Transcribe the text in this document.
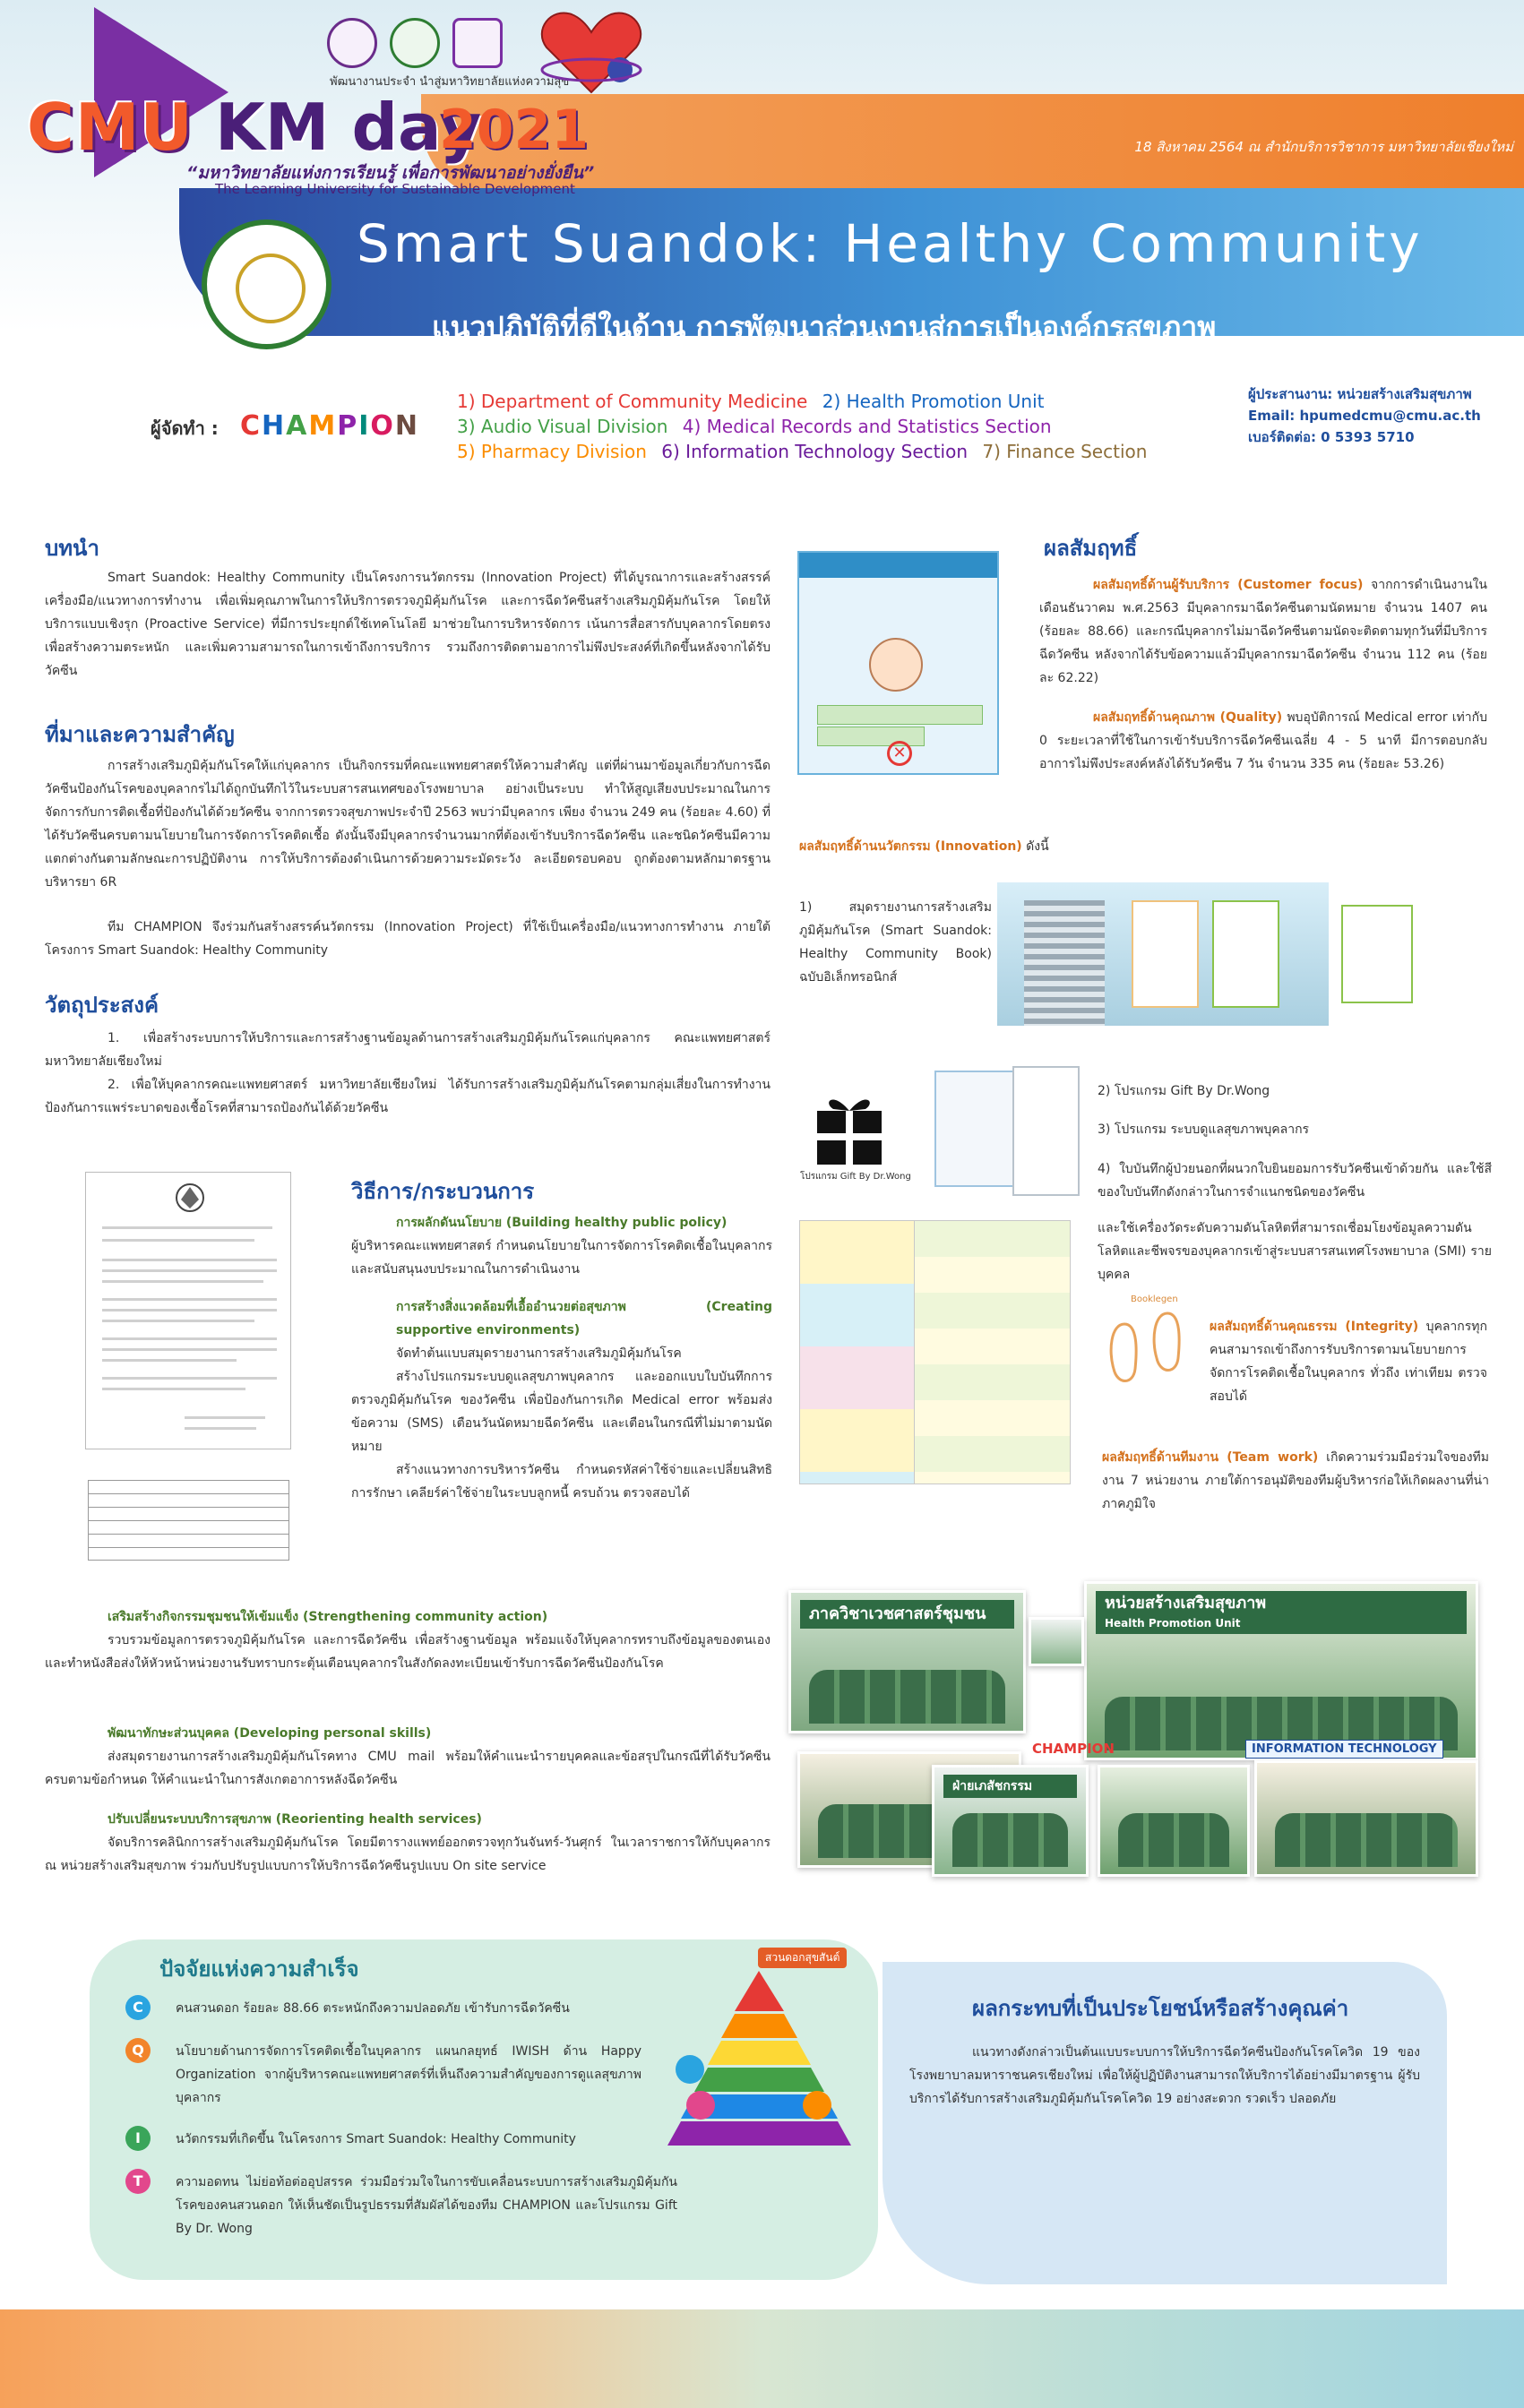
พัฒนางานประจำ นำสู่มหาวิทยาลัยแห่งความสุข
CMU KM day
2021
“มหาวิทยาลัยแห่งการเรียนรู้ เพื่อการพัฒนาอย่างยั่งยืน”
The Learning University for Sustainable Development
18 สิงหาคม 2564 ณ สำนักบริการวิชาการ มหาวิทยาลัยเชียงใหม่
Smart Suandok: Healthy Community
แนวปฏิบัติที่ดีในด้าน การพัฒนาส่วนงานสู่การเป็นองค์กรสุขภาพ
ผู้จัดทำ : CHAMPION
1) Department of Community Medicine 2) Health Promotion Unit
3) Audio Visual Division 4) Medical Records and Statistics Section
5) Pharmacy Division 6) Information Technology Section 7) Finance Section
ผู้ประสานงาน: หน่วยสร้างเสริมสุขภาพ
Email: hpumedcmu@cmu.ac.th
เบอร์ติดต่อ: 0 5393 5710
บทนำ
Smart Suandok: Healthy Community เป็นโครงการนวัตกรรม (Innovation Project) ที่ได้บูรณาการและสร้างสรรค์เครื่องมือ/แนวทางการทำงาน เพื่อเพิ่มคุณภาพในการให้บริการตรวจภูมิคุ้มกันโรค และการฉีดวัคซีนสร้างเสริมภูมิคุ้มกันโรค โดยให้บริการแบบเชิงรุก (Proactive Service) ที่มีการประยุกต์ใช้เทคโนโลยี มาช่วยในการบริหารจัดการ เน้นการสื่อสารกับบุคลากรโดยตรง เพื่อสร้างความตระหนัก และเพิ่มความสามารถในการเข้าถึงการบริการ รวมถึงการติดตามอาการไม่พึงประสงค์ที่เกิดขึ้นหลังจากได้รับวัคซีน
ที่มาและความสำคัญ
การสร้างเสริมภูมิคุ้มกันโรคให้แก่บุคลากร เป็นกิจกรรมที่คณะแพทยศาสตร์ให้ความสำคัญ แต่ที่ผ่านมาข้อมูลเกี่ยวกับการฉีดวัคซีนป้องกันโรคของบุคลากรไม่ได้ถูกบันทึกไว้ในระบบสารสนเทศของโรงพยาบาล อย่างเป็นระบบ ทำให้สูญเสียงบประมาณในการจัดการกับการติดเชื้อที่ป้องกันได้ด้วยวัคซีน จากการตรวจสุขภาพประจำปี 2563 พบว่ามีบุคลากร เพียง จำนวน 249 คน (ร้อยละ 4.60) ที่ได้รับวัคซีนครบตามนโยบายในการจัดการโรคติดเชื้อ ดังนั้นจึงมีบุคลากรจำนวนมากที่ต้องเข้ารับบริการฉีดวัคซีน และชนิดวัคซีนมีความแตกต่างกันตามลักษณะการปฏิบัติงาน การให้บริการต้องดำเนินการด้วยความระมัดระวัง ละเอียดรอบคอบ ถูกต้องตามหลักมาตรฐานบริหารยา 6R
ทีม CHAMPION จึงร่วมกันสร้างสรรค์นวัตกรรม (Innovation Project) ที่ใช้เป็นเครื่องมือ/แนวทางการทำงาน ภายใต้โครงการ Smart Suandok: Healthy Community
วัตถุประสงค์
1. เพื่อสร้างระบบการให้บริการและการสร้างฐานข้อมูลด้านการสร้างเสริมภูมิคุ้มกันโรคแก่บุคลากร คณะแพทยศาสตร์ มหาวิทยาลัยเชียงใหม่
2. เพื่อให้บุคลากรคณะแพทยศาสตร์ มหาวิทยาลัยเชียงใหม่ ได้รับการสร้างเสริมภูมิคุ้มกันโรคตามกลุ่มเสี่ยงในการทำงานป้องกันการแพร่ระบาดของเชื้อโรคที่สามารถป้องกันได้ด้วยวัคซีน
วิธีการ/กระบวนการ
การผลักดันนโยบาย (Building healthy public policy)
ผู้บริหารคณะแพทยศาสตร์ กำหนดนโยบายในการจัดการโรคติดเชื้อในบุคลากรและสนับสนุนงบประมาณในการดำเนินงาน
การสร้างสิ่งแวดล้อมที่เอื้ออำนวยต่อสุขภาพ (Creating supportive environments)
จัดทำต้นแบบสมุดรายงานการสร้างเสริมภูมิคุ้มกันโรค
สร้างโปรแกรมระบบดูแลสุขภาพบุคลากร และออกแบบใบบันทึกการตรวจภูมิคุ้มกันโรค ของวัคซีน เพื่อป้องกันการเกิด Medical error พร้อมส่งข้อความ (SMS) เตือนวันนัดหมายฉีดวัคซีน และเตือนในกรณีที่ไม่มาตามนัดหมาย
สร้างแนวทางการบริหารวัคซีน กำหนดรหัสค่าใช้จ่ายและเปลี่ยนสิทธิการรักษา เคลียร์ค่าใช้จ่ายในระบบลูกหนี้ ครบถ้วน ตรวจสอบได้
เสริมสร้างกิจกรรมชุมชนให้เข้มแข็ง (Strengthening community action)
รวบรวมข้อมูลการตรวจภูมิคุ้มกันโรค และการฉีดวัคซีน เพื่อสร้างฐานข้อมูล พร้อมแจ้งให้บุคลากรทราบถึงข้อมูลของตนเอง และทำหนังสือส่งให้หัวหน้าหน่วยงานรับทราบกระตุ้นเตือนบุคลากรในสังกัดลงทะเบียนเข้ารับการฉีดวัคซีนป้องกันโรค
พัฒนาทักษะส่วนบุคคล (Developing personal skills)
ส่งสมุดรายงานการสร้างเสริมภูมิคุ้มกันโรคทาง CMU mail พร้อมให้คำแนะนำรายบุคคลและข้อสรุปในกรณีที่ได้รับวัคซีนครบตามข้อกำหนด ให้คำแนะนำในการสังเกตอาการหลังฉีดวัคซีน
ปรับเปลี่ยนระบบบริการสุขภาพ (Reorienting health services)
จัดบริการคลินิกการสร้างเสริมภูมิคุ้มกันโรค โดยมีตารางแพทย์ออกตรวจทุกวันจันทร์-วันศุกร์ ในเวลาราชการให้กับบุคลากร ณ หน่วยสร้างเสริมสุขภาพ ร่วมกับปรับรูปแบบการให้บริการฉีดวัคซีนรูปแบบ On site service
✕
ผลสัมฤทธิ์
ผลสัมฤทธิ์ด้านผู้รับบริการ (Customer focus) จากการดำเนินงานในเดือนธันวาคม พ.ศ.2563 มีบุคลากรมาฉีดวัคซีนตามนัดหมาย จำนวน 1407 คน (ร้อยละ 88.66) และกรณีบุคลากรไม่มาฉีดวัคซีนตามนัดจะติดตามทุกวันที่มีบริการฉีดวัคซีน หลังจากได้รับข้อความแล้วมีบุคลากรมาฉีดวัคซีน จำนวน 112 คน (ร้อยละ 62.22)
ผลสัมฤทธิ์ด้านคุณภาพ (Quality) พบอุบัติการณ์ Medical error เท่ากับ 0 ระยะเวลาที่ใช้ในการเข้ารับบริการฉีดวัคซีนเฉลี่ย 4 - 5 นาที มีการตอบกลับอาการไม่พึงประสงค์หลังได้รับวัคซีน 7 วัน จำนวน 335 คน (ร้อยละ 53.26)
ผลสัมฤทธิ์ด้านนวัตกรรม (Innovation) ดังนี้
1) สมุดรายงานการสร้างเสริมภูมิคุ้มกันโรค (Smart Suandok: Healthy Community Book) ฉบับอิเล็กทรอนิกส์
โปรแกรม Gift By Dr.Wong
2) โปรแกรม Gift By Dr.Wong
3) โปรแกรม ระบบดูแลสุขภาพบุคลากร
4) ใบบันทึกผู้ป่วยนอกที่ผนวกใบยินยอมการรับวัคซีนเข้าด้วยกัน และใช้สีของใบบันทึกดังกล่าวในการจำแนกชนิดของวัคซีน
และใช้เครื่องวัดระดับความดันโลหิตที่สามารถเชื่อมโยงข้อมูลความดันโลหิตและชีพจรของบุคลากรเข้าสู่ระบบสารสนเทศโรงพยาบาล (SMI) รายบุคคล
Booklegen
ผลสัมฤทธิ์ด้านคุณธรรม (Integrity) บุคลากรทุกคนสามารถเข้าถึงการรับบริการตามนโยบายการจัดการโรคติดเชื้อในบุคลากร ทั่วถึง เท่าเทียม ตรวจสอบได้
ผลสัมฤทธิ์ด้านทีมงาน (Team work) เกิดความร่วมมือร่วมใจของทีมงาน 7 หน่วยงาน ภายใต้การอนุมัติของทีมผู้บริหารก่อให้เกิดผลงานที่น่าภาคภูมิใจ
ภาควิชาเวชศาสตร์ชุมชน
หน่วยสร้างเสริมสุขภาพ
Health Promotion Unit
ฝ่ายเภสัชกรรม
CHAMPION	INFORMATION TECHNOLOGY
ปัจจัยแห่งความสำเร็จ
C	คนสวนดอก ร้อยละ 88.66 ตระหนักถึงความปลอดภัย เข้ารับการฉีดวัคซีน
Q	นโยบายด้านการจัดการโรคติดเชื้อในบุคลากร แผนกลยุทธ์ IWISH ด้าน Happy Organization จากผู้บริหารคณะแพทยศาสตร์ที่เห็นถึงความสำคัญของการดูแลสุขภาพบุคลากร
I	นวัตกรรมที่เกิดขึ้น ในโครงการ Smart Suandok: Healthy Community
T	ความอดทน ไม่ย่อท้อต่ออุปสรรค ร่วมมือร่วมใจในการขับเคลื่อนระบบการสร้างเสริมภูมิคุ้มกันโรคของคนสวนดอก ให้เห็นชัดเป็นรูปธรรมที่สัมผัสได้ของทีม CHAMPION และโปรแกรม Gift By Dr. Wong
สวนดอกสุขสันต์
ผลกระทบที่เป็นประโยชน์หรือสร้างคุณค่า
แนวทางดังกล่าวเป็นต้นแบบระบบการให้บริการฉีดวัคซีนป้องกันโรคโควิด 19 ของโรงพยาบาลมหาราชนครเชียงใหม่ เพื่อให้ผู้ปฏิบัติงานสามารถให้บริการได้อย่างมีมาตรฐาน ผู้รับบริการได้รับการสร้างเสริมภูมิคุ้มกันโรคโควิด 19 อย่างสะดวก รวดเร็ว ปลอดภัย
